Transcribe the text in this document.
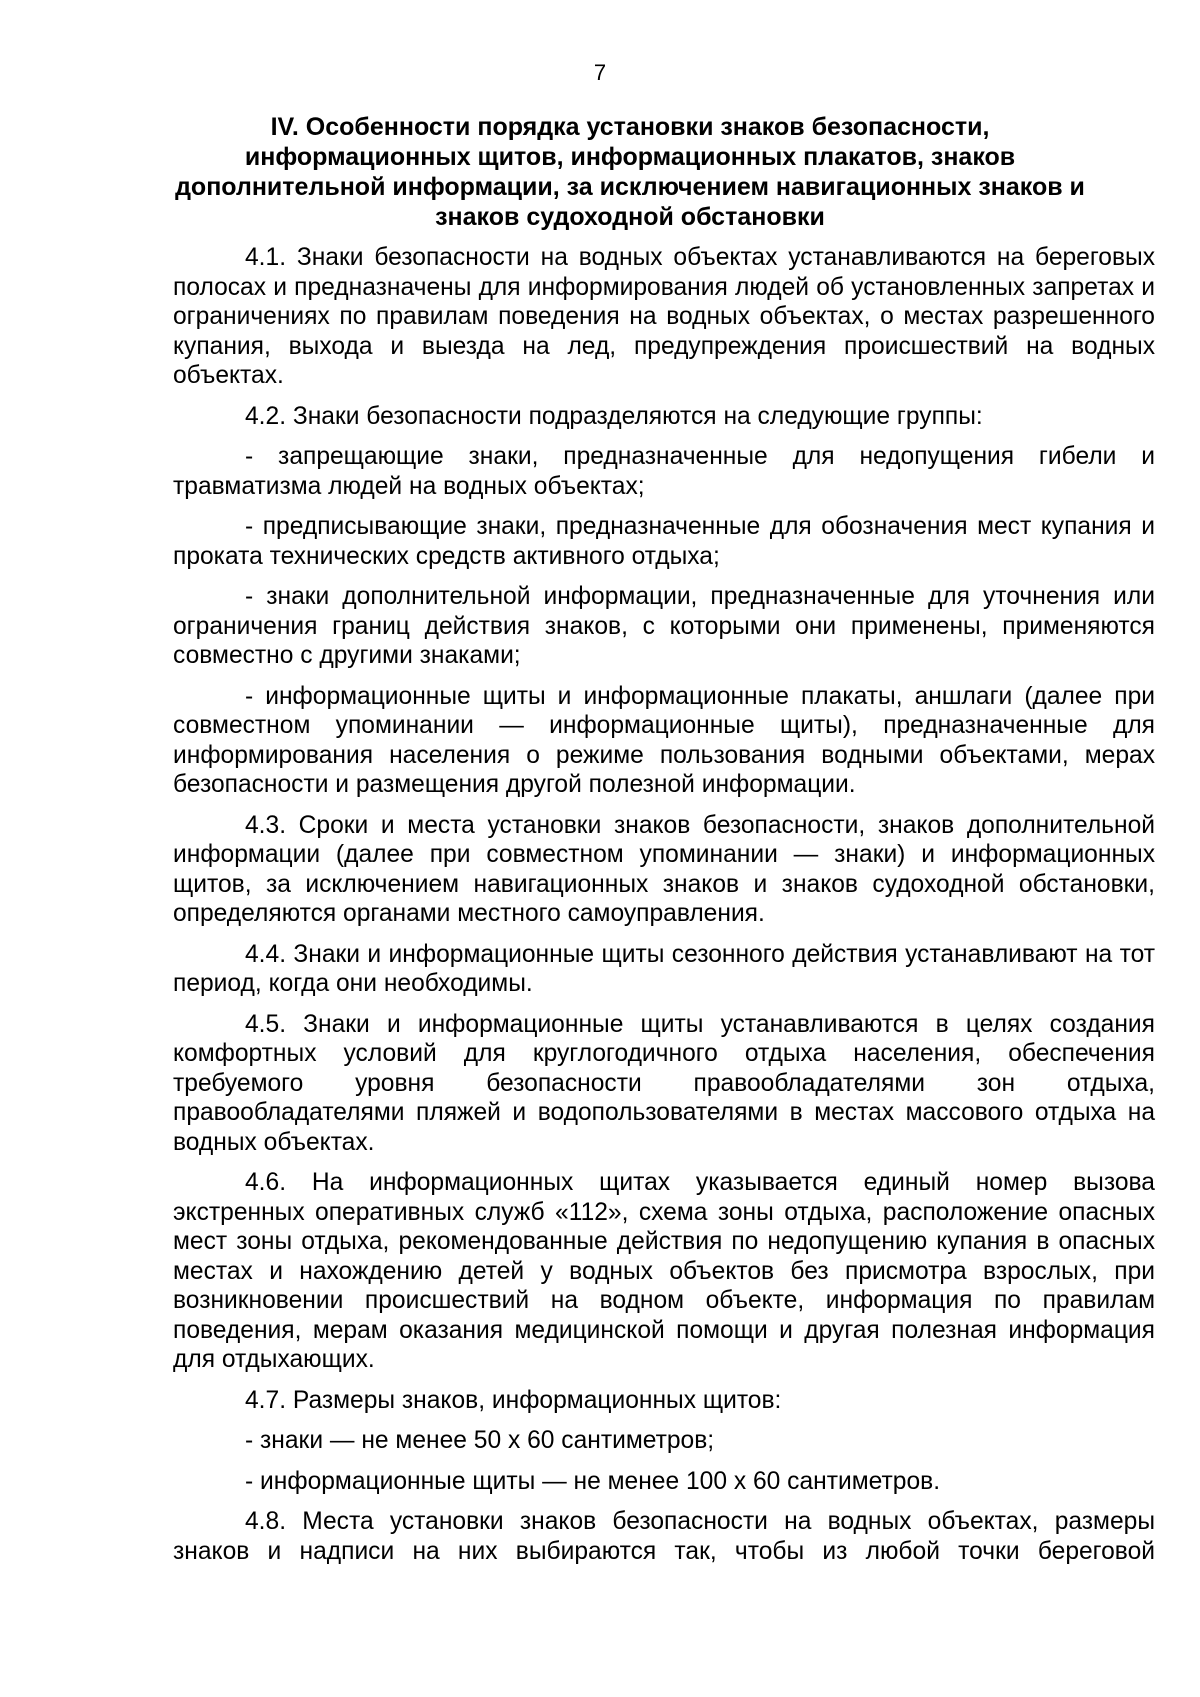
7
IV. Особенности порядка установки знаков безопасности,
информационных щитов, информационных плакатов, знаков
дополнительной информации, за исключением навигационных знаков и
знаков судоходной обстановки

4.1. Знаки безопасности на водных объектах устанавливаются на береговых полосах и предназначены для информирования людей об установленных запретах и ограничениях по правилам поведения на водных объектах, о местах разрешенного купания, выхода и выезда на лед, предупреждения происшествий на водных объектах.

4.2. Знаки безопасности подразделяются на следующие группы:

- запрещающие знаки, предназначенные для недопущения гибели и травматизма людей на водных объектах;

- предписывающие знаки, предназначенные для обозначения мест купания и проката технических средств активного отдыха;

- знаки дополнительной информации, предназначенные для уточнения или ограничения границ действия знаков, с которыми они применены, применяются совместно с другими знаками;

- информационные щиты и информационные плакаты, аншлаги (далее при совместном упоминании — информационные щиты), предназначенные для информирования населения о режиме пользования водными объектами, мерах безопасности и размещения другой полезной информации.

4.3. Сроки и места установки знаков безопасности, знаков дополнительной информации (далее при совместном упоминании — знаки) и информационных щитов, за исключением навигационных знаков и знаков судоходной обстановки, определяются органами местного самоуправления.

4.4. Знаки и информационные щиты сезонного действия устанавливают на тот период, когда они необходимы.

4.5. Знаки и информационные щиты устанавливаются в целях создания комфортных условий для круглогодичного отдыха населения, обеспечения требуемого уровня безопасности правообладателями зон отдыха, правообладателями пляжей и водопользователями в местах массового отдыха на водных объектах.

4.6. На информационных щитах указывается единый номер вызова экстренных оперативных служб «112», схема зоны отдыха, расположение опасных мест зоны отдыха, рекомендованные действия по недопущению купания в опасных местах и нахождению детей у водных объектов без присмотра взрослых, при возникновении происшествий на водном объекте, информация по правилам поведения, мерам оказания медицинской помощи и другая полезная информация для отдыхающих.

4.7. Размеры знаков, информационных щитов:

- знаки — не менее 50 х 60 сантиметров;

- информационные щиты — не менее 100 х 60 сантиметров.

4.8. Места установки знаков безопасности на водных объектах, размеры знаков и надписи на них выбираются так, чтобы из любой точки береговой
